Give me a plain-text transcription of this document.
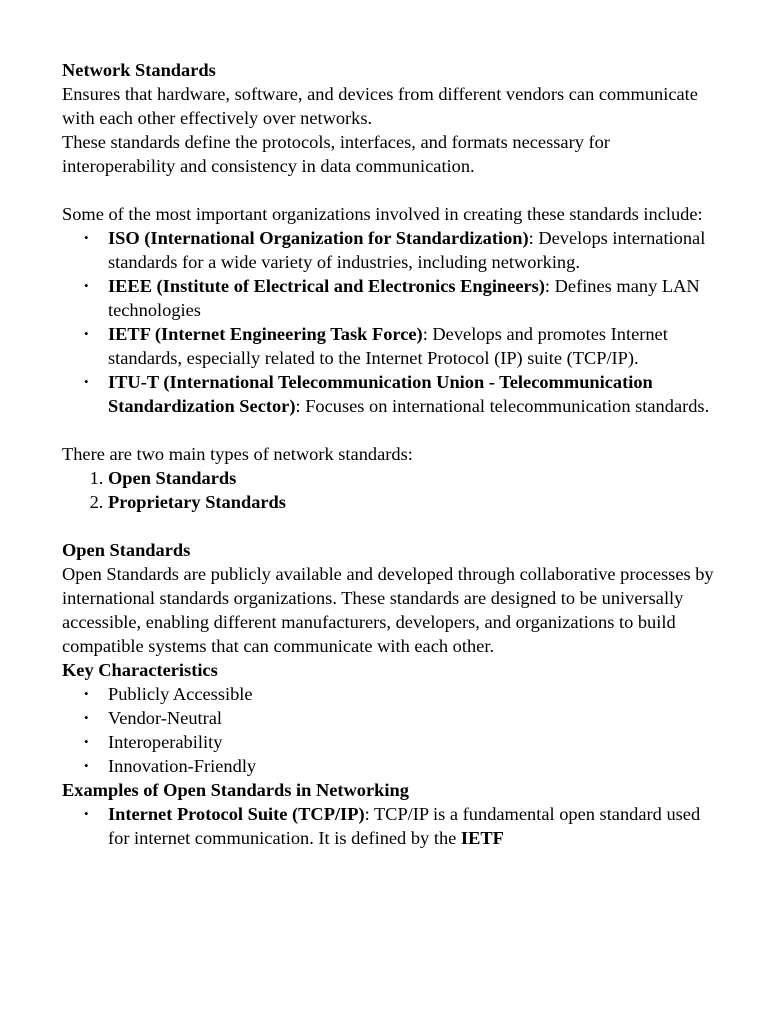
Network Standards

Ensures that hardware, software, and devices from different vendors can communicate with each other effectively over networks.

These standards define the protocols, interfaces, and formats necessary for interoperability and consistency in data communication.

Some of the most important organizations involved in creating these standards include:

• ISO (International Organization for Standardization): Develops international standards for a wide variety of industries, including networking.
• IEEE (Institute of Electrical and Electronics Engineers): Defines many LAN technologies
• IETF (Internet Engineering Task Force): Develops and promotes Internet standards, especially related to the Internet Protocol (IP) suite (TCP/IP).
• ITU-T (International Telecommunication Union - Telecommunication Standardization Sector): Focuses on international telecommunication standards.

There are two main types of network standards:

1. Open Standards
2. Proprietary Standards

Open Standards

Open Standards are publicly available and developed through collaborative processes by international standards organizations. These standards are designed to be universally accessible, enabling different manufacturers, developers, and organizations to build compatible systems that can communicate with each other.

Key Characteristics

• Publicly Accessible
• Vendor-Neutral
• Interoperability
• Innovation-Friendly

Examples of Open Standards in Networking

• Internet Protocol Suite (TCP/IP): TCP/IP is a fundamental open standard used for internet communication. It is defined by the IETF
